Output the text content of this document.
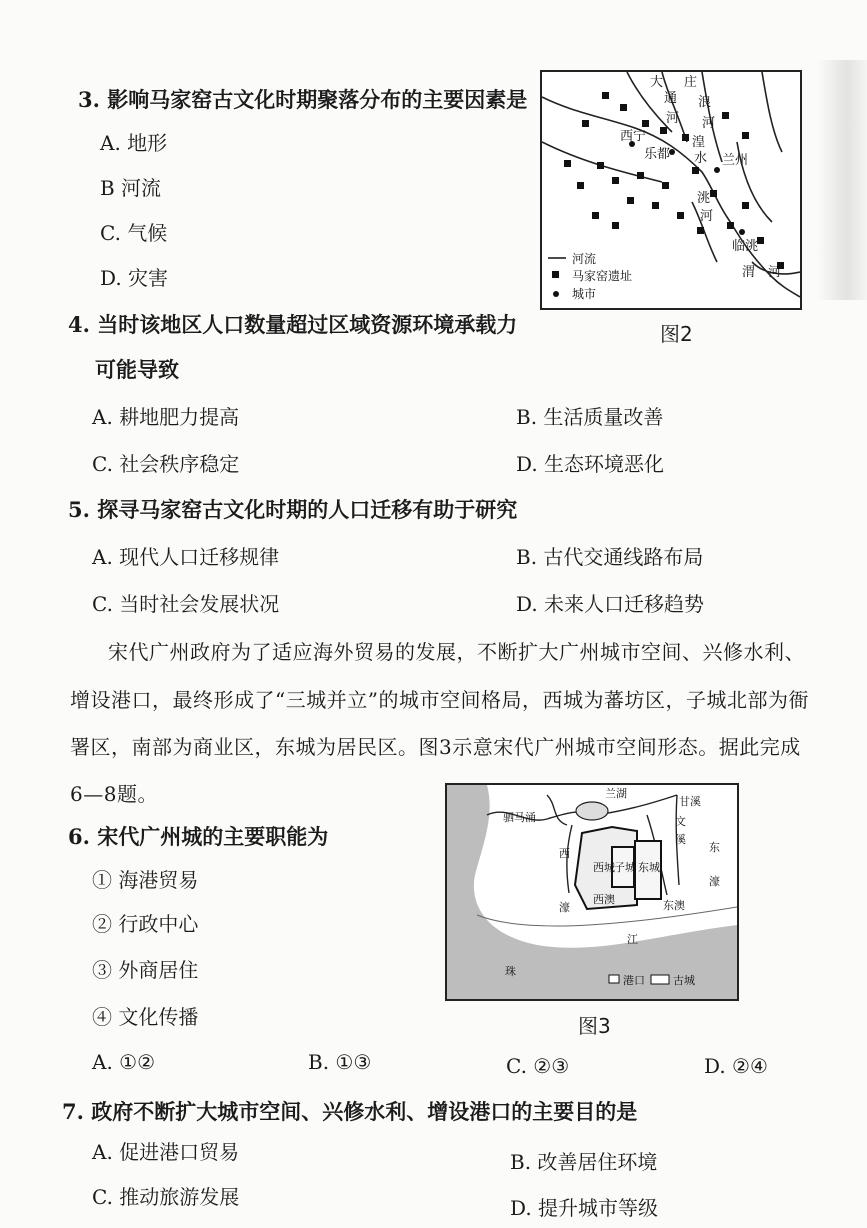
3. 影响马家窑古文化时期聚落分布的主要因素是
A. 地形
B 河流
C. 气候
D. 灾害
大 庄
通 浪
河
湟
水
河
洮
河
渭 河
西宁
乐都	兰州
临洮
河流
马家窑遗址
城市
图2
4. 当时该地区人口数量超过区域资源环境承载力
可能导致
A. 耕地肥力提高	B. 生活质量改善
C. 社会秩序稳定	D. 生态环境恶化
5. 探寻马家窑古文化时期的人口迁移有助于研究
A. 现代人口迁移规律	B. 古代交通线路布局
C. 当时社会发展状况	D. 未来人口迁移趋势
宋代广州政府为了适应海外贸易的发展，不断扩大广州城市空间、兴修水利、
增设港口，最终形成了“三城并立”的城市空间格局，西城为蕃坊区，子城北部为衙
署区，南部为商业区，东城为居民区。图3示意宋代广州城市空间形态。据此完成
6—8题。
6. 宋代广州城的主要职能为
① 海港贸易
② 行政中心
③ 外商居住
④ 文化传播
兰湖
甘溪
驷马涌	文
溪
西	东
西城 子城 东城
濠
濠
西澳	东澳
江
珠
港口	古城
图3
A. ①②	B. ①③	C. ②③	D. ②④
7. 政府不断扩大城市空间、兴修水利、增设港口的主要目的是
A. 促进港口贸易	B. 改善居住环境
C. 推动旅游发展	D. 提升城市等级
